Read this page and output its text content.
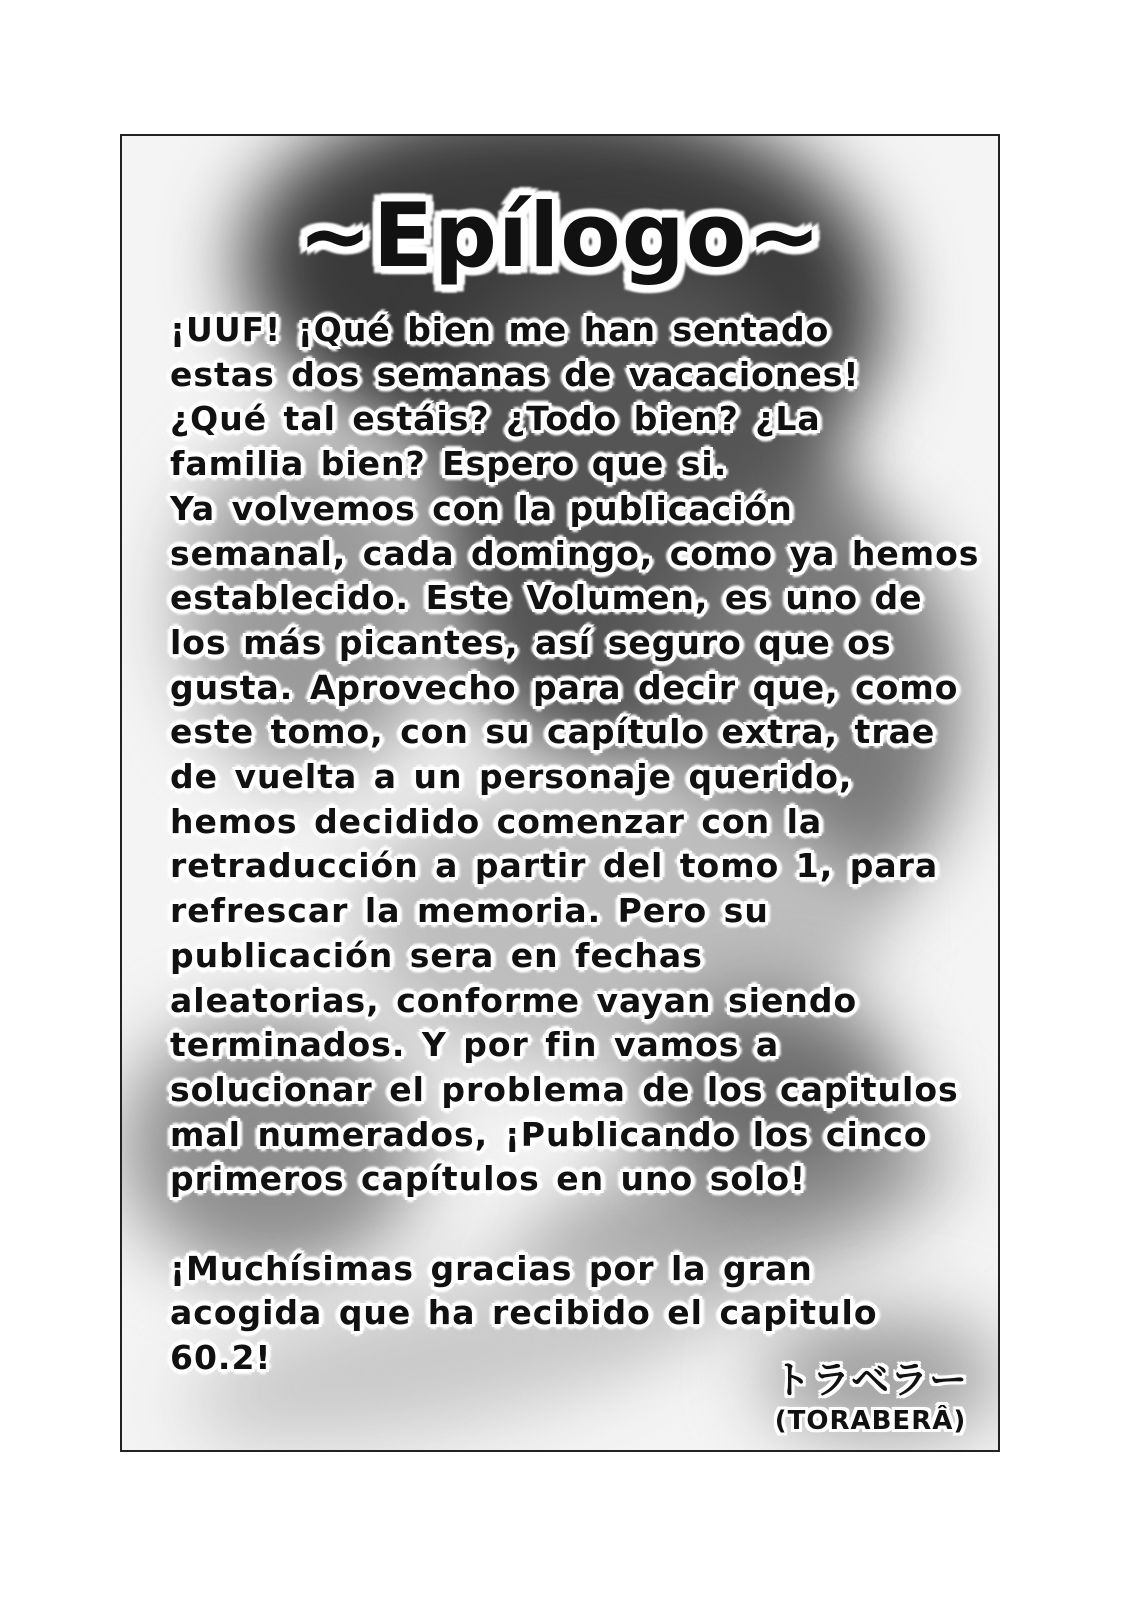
~Epílogo~
¡UUF! ¡Qué bien me han sentado
estas dos semanas de vacaciones!
¿Qué tal estáis? ¿Todo bien? ¿La
familia bien? Espero que si.
Ya volvemos con la publicación
semanal, cada domingo, como ya hemos
establecido. Este Volumen, es uno de
los más picantes, así seguro que os
gusta. Aprovecho para decir que, como
este tomo, con su capítulo extra, trae
de vuelta a un personaje querido,
hemos decidido comenzar con la
retraducción a partir del tomo 1, para
refrescar la memoria. Pero su
publicación sera en fechas
aleatorias, conforme vayan siendo
terminados. Y por fin vamos a
solucionar el problema de los capitulos
mal numerados, ¡Publicando los cinco
primeros capítulos en uno solo!
¡Muchísimas gracias por la gran
acogida que ha recibido el capitulo
60.2!
トラベラー
(TORABERÂ)
